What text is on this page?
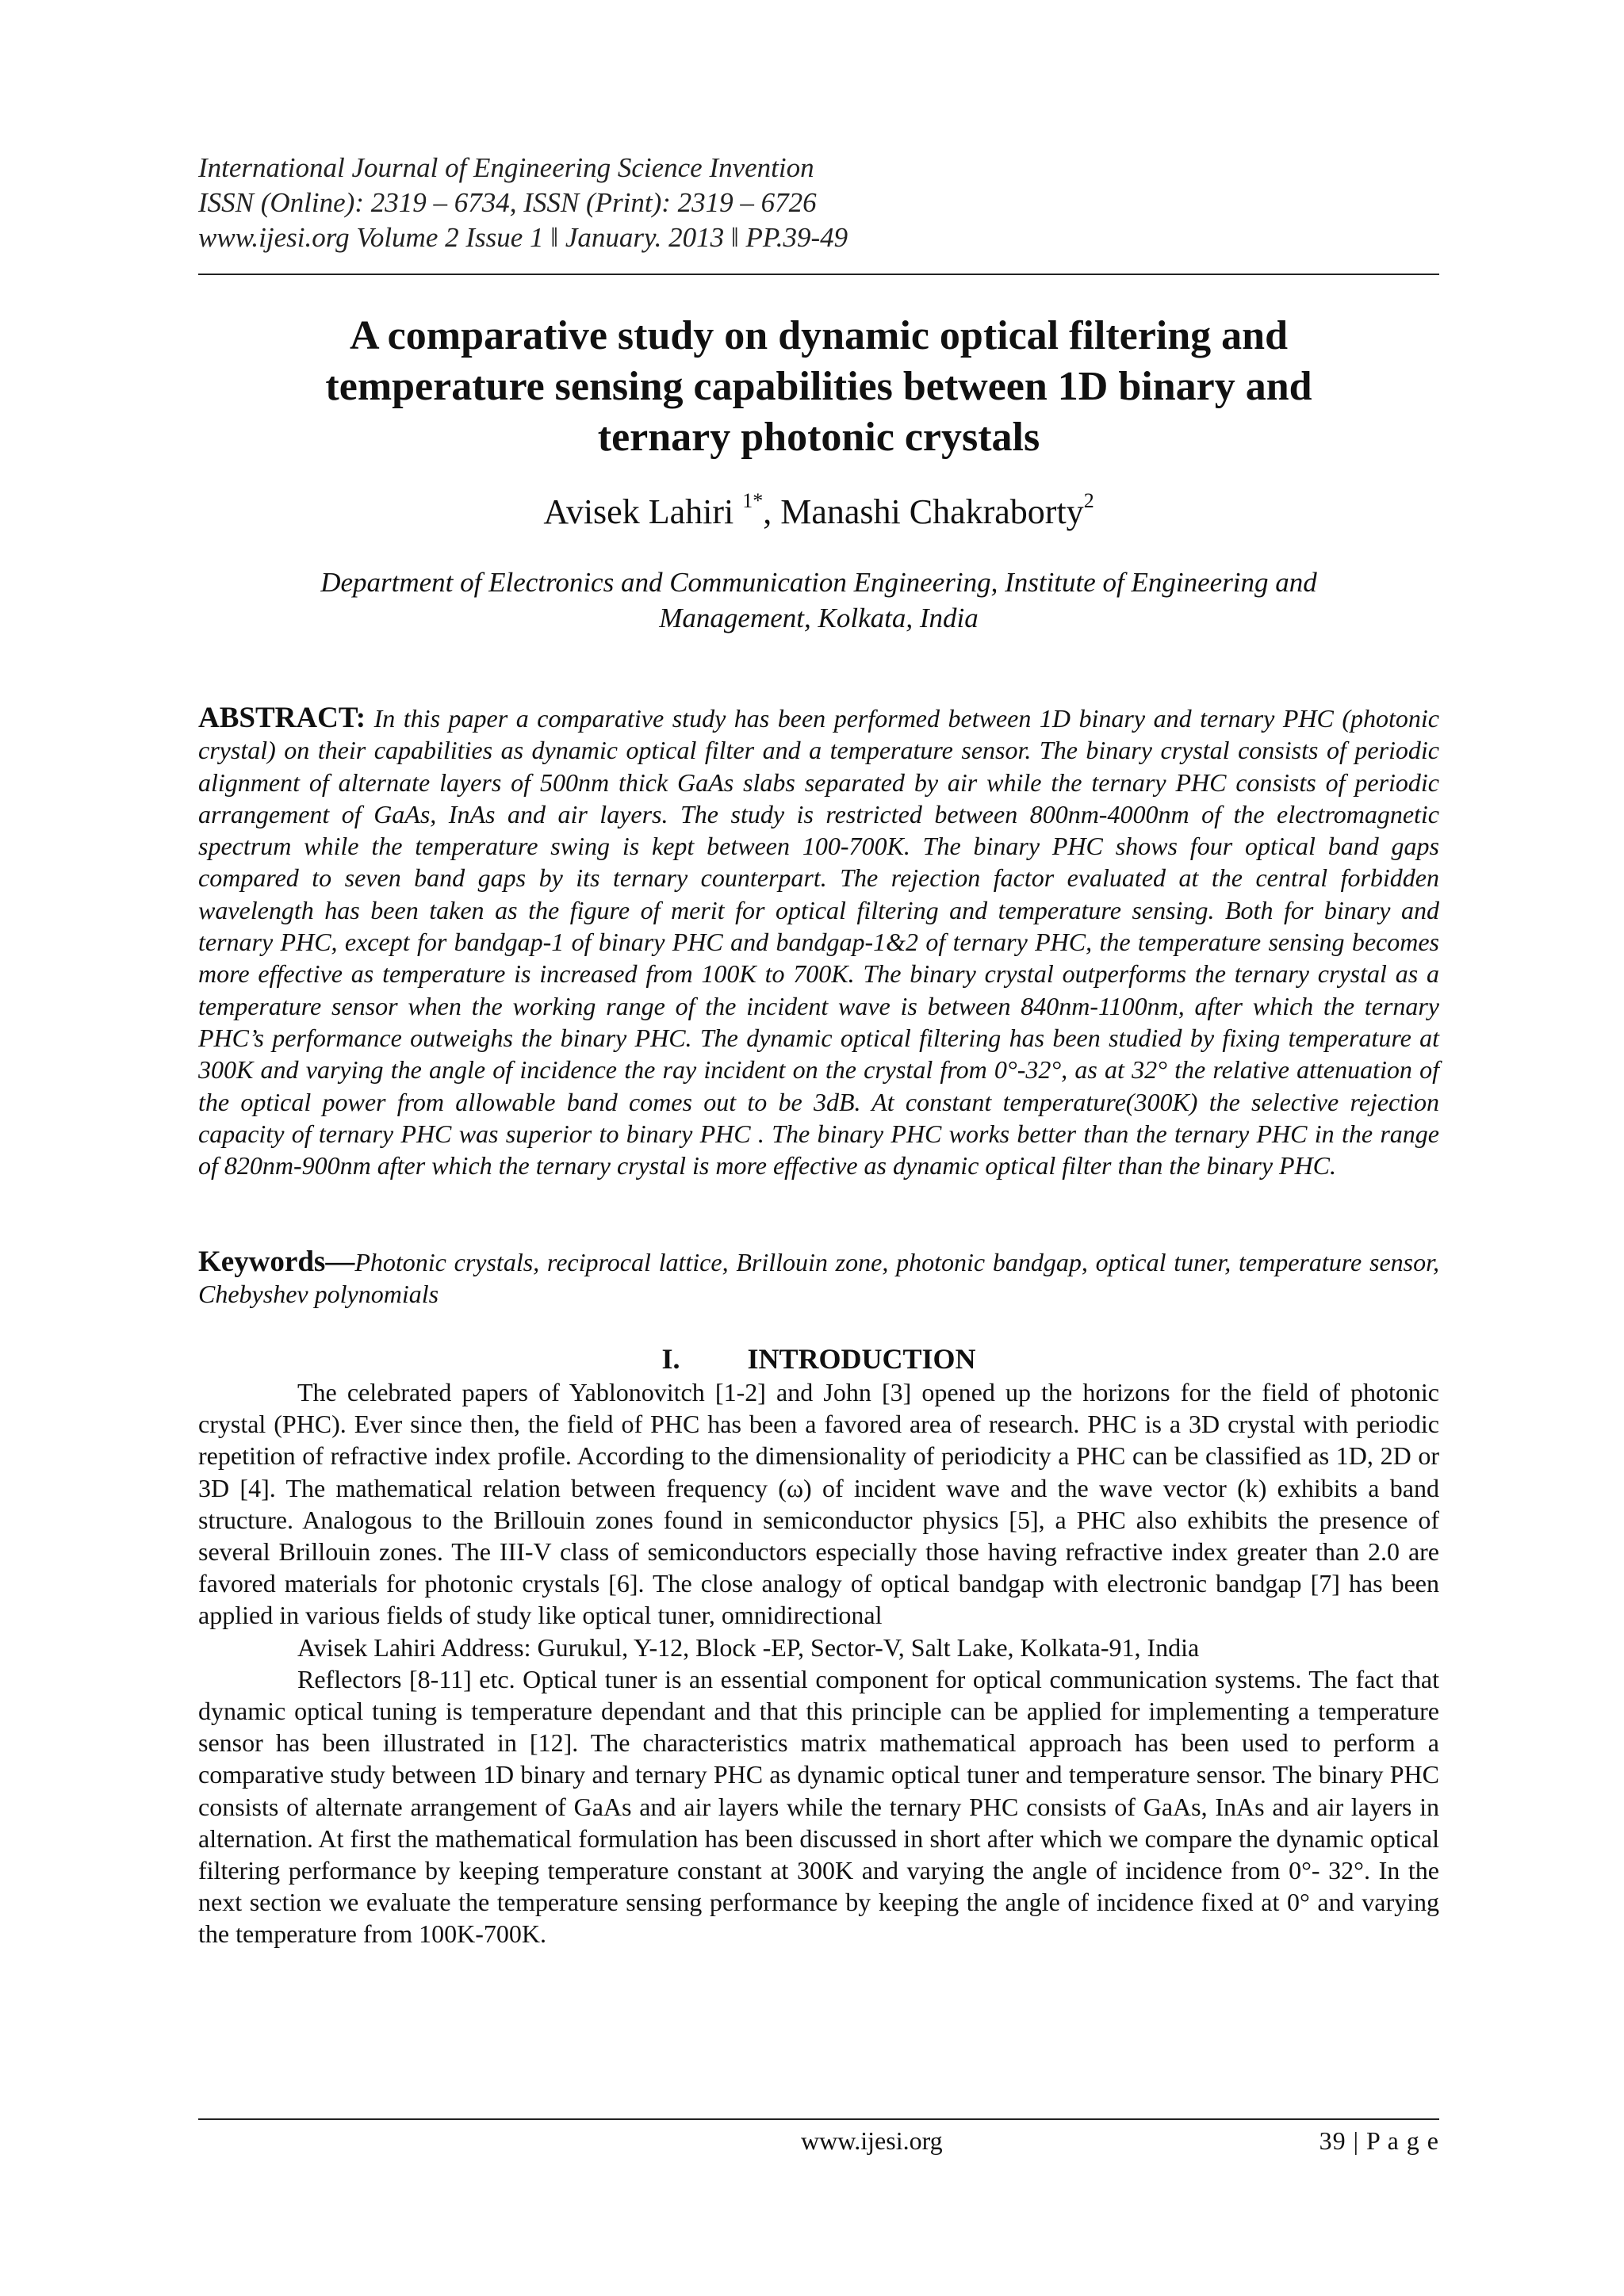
International Journal of Engineering Science Invention
ISSN (Online): 2319 – 6734, ISSN (Print): 2319 – 6726
www.ijesi.org Volume 2 Issue 1 ǁ January. 2013 ǁ PP.39-49
A comparative study on dynamic optical filtering and
temperature sensing capabilities between 1D binary and
ternary photonic crystals
Avisek Lahiri $^{1*}$, Manashi Chakraborty$^2$
Department of Electronics and Communication Engineering, Institute of Engineering and
Management, Kolkata, India
ABSTRACT: In this paper a comparative study has been performed between 1D binary and ternary PHC (photonic crystal) on their capabilities as dynamic optical filter and a temperature sensor. The binary crystal consists of periodic alignment of alternate layers of 500nm thick GaAs slabs separated by air while the ternary PHC consists of periodic arrangement of GaAs, InAs and air layers. The study is restricted between 800nm-4000nm of the electromagnetic spectrum while the temperature swing is kept between 100-700K. The binary PHC shows four optical band gaps compared to seven band gaps by its ternary counterpart. The rejection factor evaluated at the central forbidden wavelength has been taken as the figure of merit for optical filtering and temperature sensing. Both for binary and ternary PHC, except for bandgap-1 of binary PHC and bandgap-1&2 of ternary PHC, the temperature sensing becomes more effective as temperature is increased from 100K to 700K. The binary crystal outperforms the ternary crystal as a temperature sensor when the working range of the incident wave is between 840nm-1100nm, after which the ternary PHC’s performance outweighs the binary PHC. The dynamic optical filtering has been studied by fixing temperature at 300K and varying the angle of incidence the ray incident on the crystal from 0°-32°, as at 32° the relative attenuation of the optical power from allowable band comes out to be 3dB. At constant temperature(300K) the selective rejection capacity of ternary PHC was superior to binary PHC . The binary PHC works better than the ternary PHC in the range of 820nm-900nm after which the ternary crystal is more effective as dynamic optical filter than the binary PHC.
Keywords—Photonic crystals, reciprocal lattice, Brillouin zone, photonic bandgap, optical tuner, temperature sensor, Chebyshev polynomials
I. INTRODUCTION

The celebrated papers of Yablonovitch [1-2] and John [3] opened up the horizons for the field of photonic crystal (PHC). Ever since then, the field of PHC has been a favored area of research. PHC is a 3D crystal with periodic repetition of refractive index profile. According to the dimensionality of periodicity a PHC can be classified as 1D, 2D or 3D [4]. The mathematical relation between frequency (ω) of incident wave and the wave vector (k) exhibits a band structure. Analogous to the Brillouin zones found in semiconductor physics [5], a PHC also exhibits the presence of several Brillouin zones. The III-V class of semiconductors especially those having refractive index greater than 2.0 are favored materials for photonic crystals [6]. The close analogy of optical bandgap with electronic bandgap [7] has been applied in various fields of study like optical tuner, omnidirectional

Avisek Lahiri Address: Gurukul, Y-12, Block -EP, Sector-V, Salt Lake, Kolkata-91, India

Reflectors [8-11] etc. Optical tuner is an essential component for optical communication systems. The fact that dynamic optical tuning is temperature dependant and that this principle can be applied for implementing a temperature sensor has been illustrated in [12]. The characteristics matrix mathematical approach has been used to perform a comparative study between 1D binary and ternary PHC as dynamic optical tuner and temperature sensor. The binary PHC consists of alternate arrangement of GaAs and air layers while the ternary PHC consists of GaAs, InAs and air layers in alternation. At first the mathematical formulation has been discussed in short after which we compare the dynamic optical filtering performance by keeping temperature constant at 300K and varying the angle of incidence from 0°- 32°. In the next section we evaluate the temperature sensing performance by keeping the angle of incidence fixed at 0° and varying the temperature from 100K-700K.

www.ijesi.org	39 | P a g e
